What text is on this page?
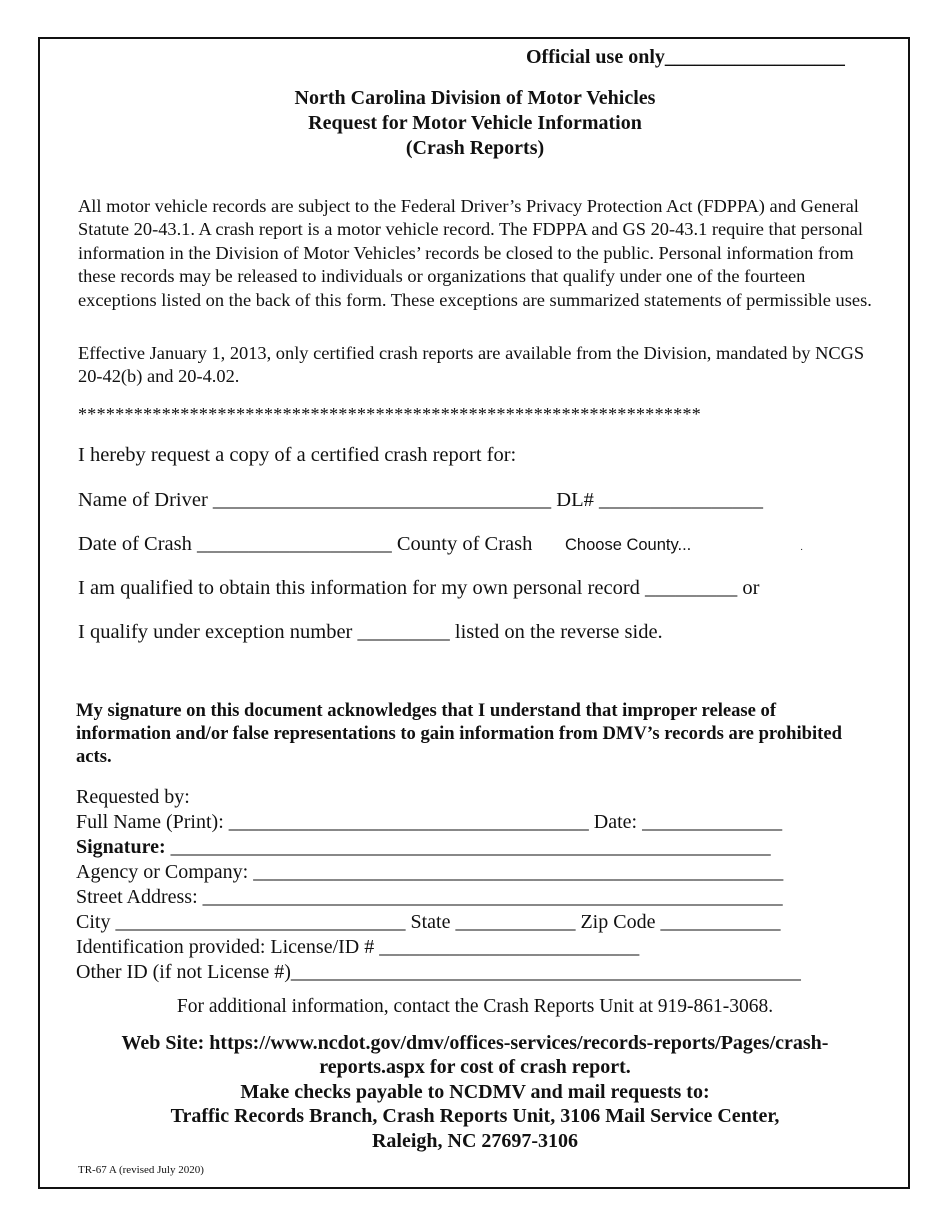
Official use only__________________
North Carolina Division of Motor Vehicles
Request for Motor Vehicle Information
(Crash Reports)

All motor vehicle records are subject to the Federal Driver’s Privacy Protection Act (FDPPA) and General Statute 20-43.1. A crash report is a motor vehicle record. The FDPPA and GS 20-43.1 require that personal information in the Division of Motor Vehicles’ records be closed to the public. Personal information from these records may be released to individuals or organizations that qualify under one of the fourteen exceptions listed on the back of this form. These exceptions are summarized statements of permissible uses.

Effective January 1, 2013, only certified crash reports are available from the Division, mandated by NCGS 20-42(b) and 20-4.02.

*******************************************************************
I hereby request a copy of a certified crash report for:
Name of Driver _________________________________ DL# ________________
Date of Crash ___________________ County of Crash Choose County...	.
I am qualified to obtain this information for my own personal record _________ or
I qualify under exception number _________ listed on the reverse side.

My signature on this document acknowledges that I understand that improper release of information and/or false representations to gain information from DMV’s records are prohibited acts.

Requested by:
Full Name (Print): ____________________________________ Date: ______________
Signature: ____________________________________________________________
Agency or Company: _____________________________________________________
Street Address: __________________________________________________________
City _____________________________ State ____________ Zip Code ____________
Identification provided: License/ID # __________________________
Other ID (if not License #)___________________________________________________
For additional information, contact the Crash Reports Unit at 919-861-3068.
Web Site: https://www.ncdot.gov/dmv/offices-services/records-reports/Pages/crash-
reports.aspx for cost of crash report.
Make checks payable to NCDMV and mail requests to:
Traffic Records Branch, Crash Reports Unit, 3106 Mail Service Center,
Raleigh, NC 27697-3106
TR-67 A (revised July 2020)
